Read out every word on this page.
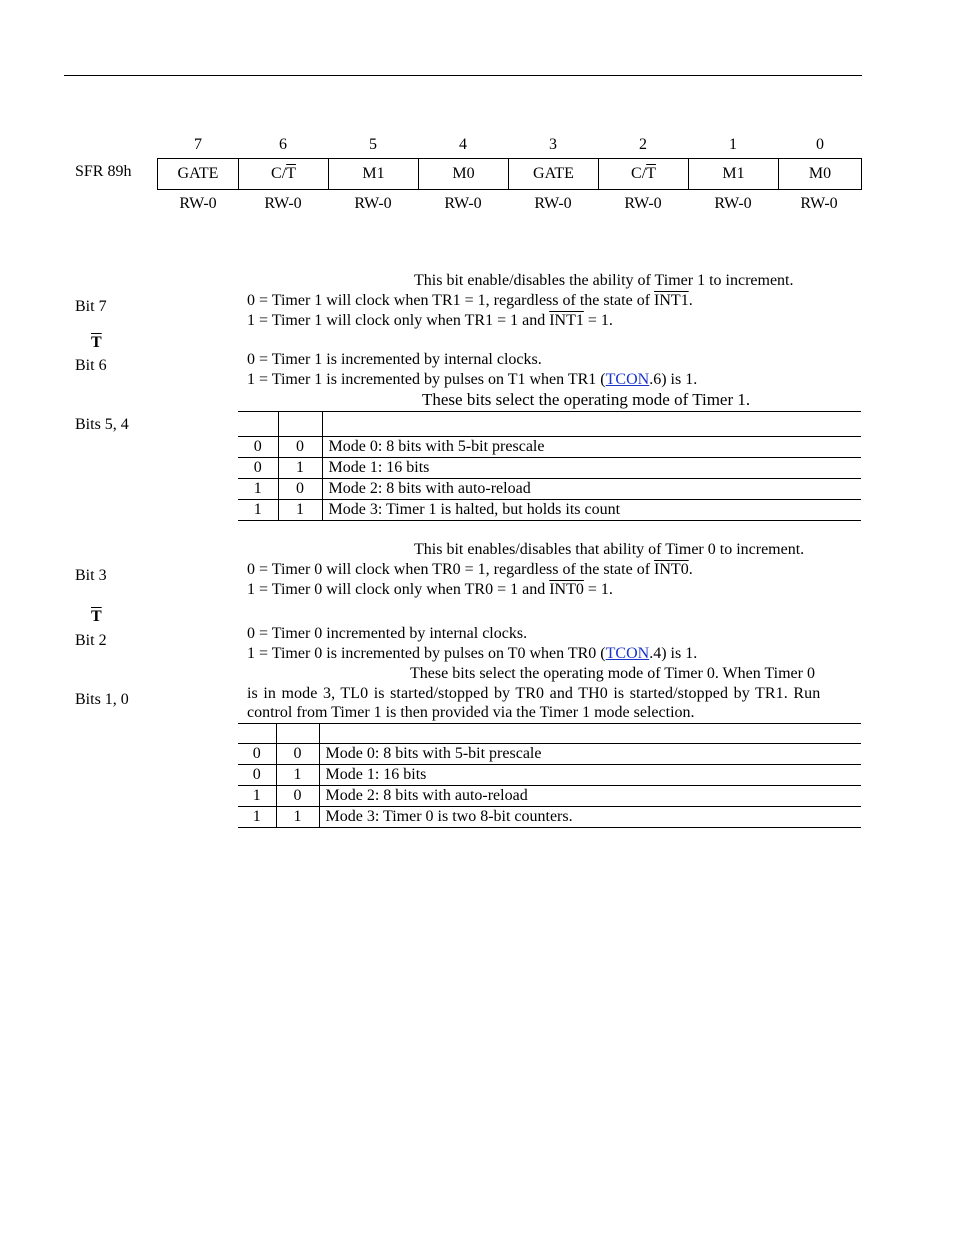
7	6	5	4	3	2	1	0
SFR 89h	GATE	$C/\overline{T}$	M1	M0	GATE	$C/\overline{T}$	M1	M0
RW-0	RW-0	RW-0	RW-0	RW-0	RW-0	RW-0	RW-0
This bit enable/disables the ability of Timer 1 to increment.
Bit 7	0 = Timer 1 will clock when TR1 = 1, regardless of the state of INT1.
1 = Timer 1 will clock only when TR1 = 1 and INT1 = 1.
$\overline{T}$
Bit 6	0 = Timer 1 is incremented by internal clocks.
1 = Timer 1 is incremented by pulses on T1 when TR1 (TCON.6) is 1.
These bits select the operating mode of Timer 1.
Bits 5, 4

0	0	Mode 0: 8 bits with 5-bit prescale
0	1	Mode 1: 16 bits
1	0	Mode 2: 8 bits with auto-reload
1	1	Mode 3: Timer 1 is halted, but holds its count
This bit enables/disables that ability of Timer 0 to increment.
Bit 3	0 = Timer 0 will clock when TR0 = 1, regardless of the state of INT0.
1 = Timer 0 will clock only when TR0 = 1 and INT0 = 1.
$\overline{T}$
Bit 2	0 = Timer 0 incremented by internal clocks.
1 = Timer 0 is incremented by pulses on T0 when TR0 (TCON.4) is 1.
Bits 1, 0
These bits select the operating mode of Timer 0. When Timer 0
is in mode 3, TL0 is started/stopped by TR0 and TH0 is started/stopped by TR1. Run
control from Timer 1 is then provided via the Timer 1 mode selection.

0	0	Mode 0: 8 bits with 5-bit prescale
0	1	Mode 1: 16 bits
1	0	Mode 2: 8 bits with auto-reload
1	1	Mode 3: Timer 0 is two 8-bit counters.
